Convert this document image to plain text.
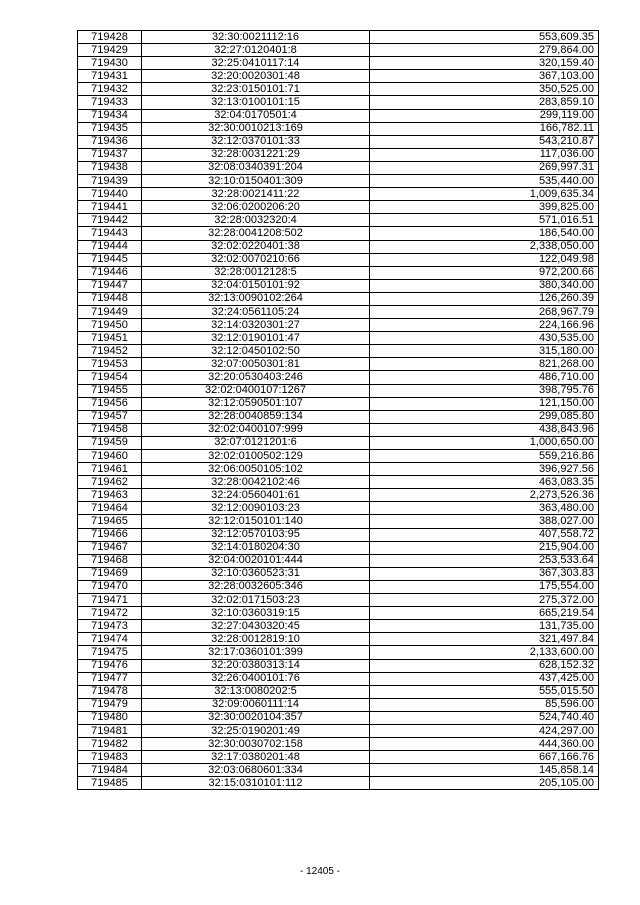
719428	32:30:0021112:16	553,609.35
719429	32:27:0120401:8	279,864.00
719430	32:25:0410117:14	320,159.40
719431	32:20:0020301:48	367,103.00
719432	32:23:0150101:71	350,525.00
719433	32:13:0100101:15	283,859.10
719434	32:04:0170501:4	299,119.00
719435	32:30:0010213:169	166,782.11
719436	32:12:0370101:33	543,210.87
719437	32:28:0031221:29	117,036.00
719438	32:08:0340391:204	269,997.31
719439	32:10:0150401:309	535,440.00
719440	32:28:0021411:22	1,009,635.34
719441	32:06:0200206:20	399,825.00
719442	32:28:0032320:4	571,016.51
719443	32:28:0041208:502	186,540.00
719444	32:02:0220401:38	2,338,050.00
719445	32:02:0070210:66	122,049.98
719446	32:28:0012128:5	972,200.66
719447	32:04:0150101:92	380,340.00
719448	32:13:0090102:264	126,260.39
719449	32:24:0561105:24	268,967.79
719450	32:14:0320301:27	224,166.96
719451	32:12:0190101:47	430,535.00
719452	32:12:0450102:50	315,180.00
719453	32:07:0050301:81	821,268.00
719454	32:20:0530403:246	486,710.00
719455	32:02:0400107:1267	398,795.76
719456	32:12:0590501:107	121,150.00
719457	32:28:0040859:134	299,085.80
719458	32:02:0400107:999	438,843.96
719459	32:07:0121201:6	1,000,650.00
719460	32:02:0100502:129	559,216.86
719461	32:06:0050105:102	396,927.56
719462	32:28:0042102:46	463,083.35
719463	32:24:0560401:61	2,273,526.36
719464	32:12:0090103:23	363,480.00
719465	32:12:0150101:140	388,027.00
719466	32:12:0570103:95	407,558.72
719467	32:14:0180204:30	215,904.00
719468	32:04:0020101:444	253,533.64
719469	32:10:0360523:31	367,303.83
719470	32:28:0032605:346	175,554.00
719471	32:02:0171503:23	275,372.00
719472	32:10:0360319:15	665,219.54
719473	32:27:0430320:45	131,735.00
719474	32:28:0012819:10	321,497.84
719475	32:17:0360101:399	2,133,600.00
719476	32:20:0380313:14	628,152.32
719477	32:26:0400101:76	437,425.00
719478	32:13:0080202:5	555,015.50
719479	32:09:0060111:14	85,596.00
719480	32:30:0020104:357	524,740.40
719481	32:25:0190201:49	424,297.00
719482	32:30:0030702:158	444,360.00
719483	32:17:0380201:48	667,166.76
719484	32:03:0680601:334	145,858.14
719485	32:15:0310101:112	205,105.00
- 12405 -
